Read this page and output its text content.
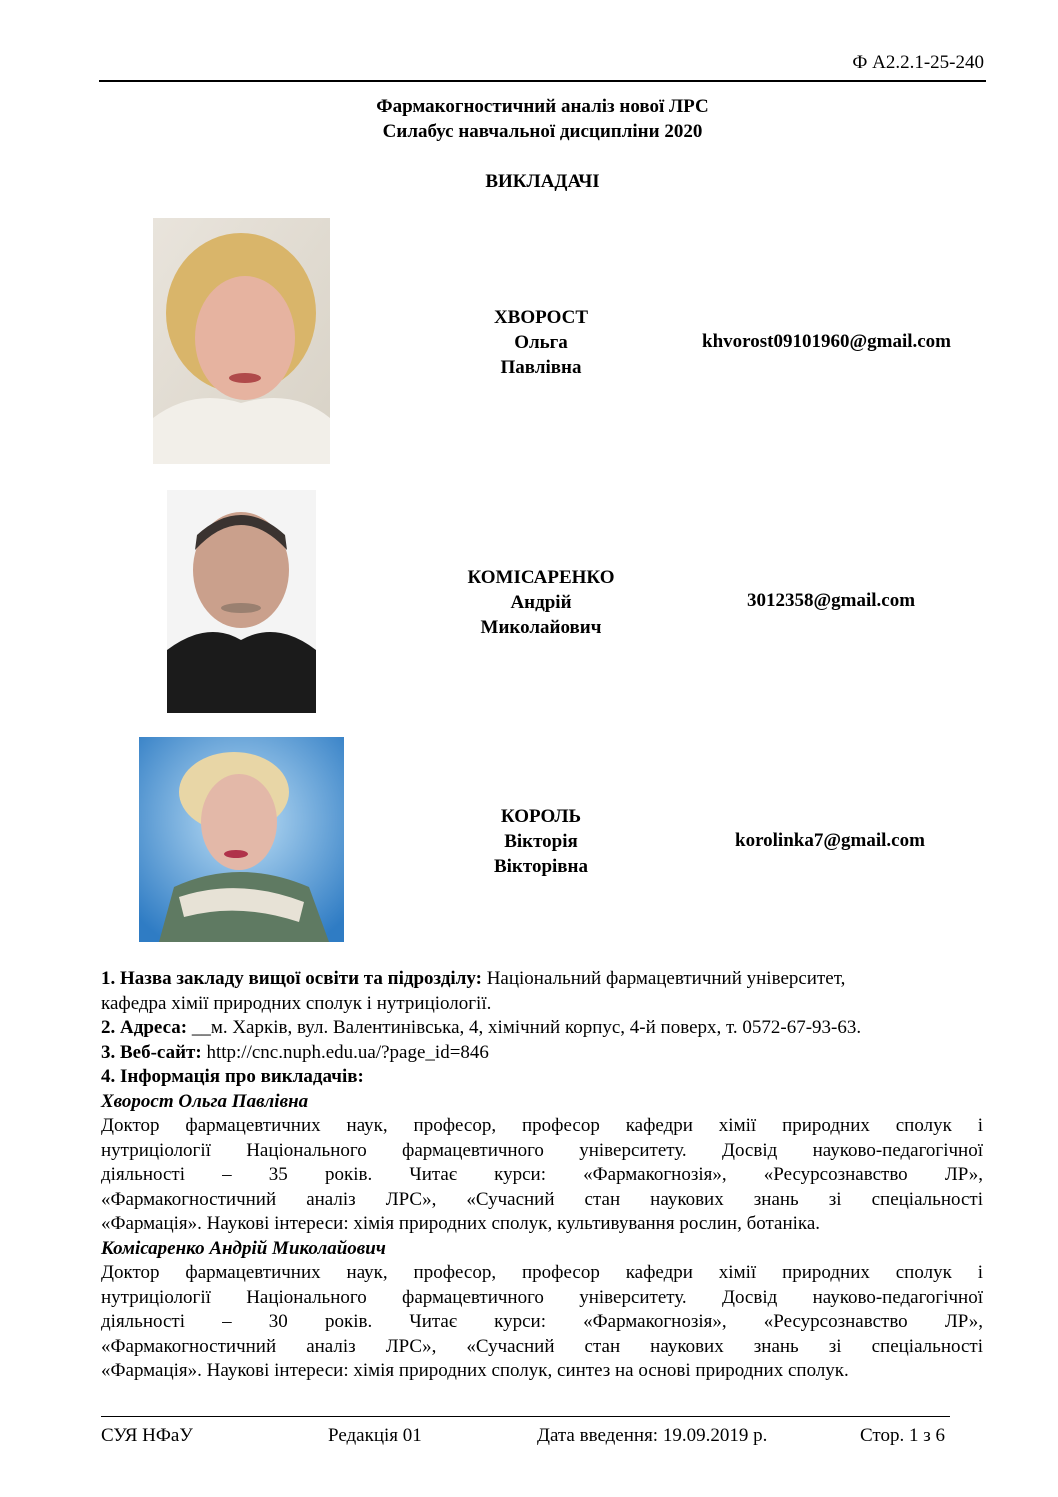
Ф А2.2.1-25-240
Фармакогностичний аналіз нової ЛРС
Силабус навчальної дисципліни 2020
ВИКЛАДАЧІ
ХВОРОСТ
Ольга
Павлівна
khvorost09101960@gmail.com
КОМІСАРЕНКО
Андрій
Миколайович
3012358@gmail.com
КОРОЛЬ
Вікторія
Вікторівна
korolinka7@gmail.com

1. Назва закладу вищої освіти та підрозділу: Національний фармацевтичний університет,

кафедра хімії природних сполук і нутриціології.

2. Адреса: __м. Харків, вул. Валентинівська, 4, хімічний корпус, 4-й поверх, т. 0572-67-93-63.

3. Веб-сайт: http://cnc.nuph.edu.ua/?page_id=846

4. Інформація про викладачів:

Хворост Ольга Павлівна

Доктор фармацевтичних наук, професор, професор кафедри хімії природних сполук і

нутриціології Національного фармацевтичного університету. Досвід науково-педагогічної

діяльності – 35 років. Читає курси: «Фармакогнозія», «Ресурсознавство ЛР»,

«Фармакогностичний аналіз ЛРС», «Сучасний стан наукових знань зі спеціальності

«Фармація». Наукові інтереси: хімія природних сполук, культивування рослин, ботаніка.

Комісаренко Андрій Миколайович

Доктор фармацевтичних наук, професор, професор кафедри хімії природних сполук і

нутриціології Національного фармацевтичного університету. Досвід науково-педагогічної

діяльності – 30 років. Читає курси: «Фармакогнозія», «Ресурсознавство ЛР»,

«Фармакогностичний аналіз ЛРС», «Сучасний стан наукових знань зі спеціальності

«Фармація». Наукові інтереси: хімія природних сполук, синтез на основі природних сполук.

СУЯ НФаУ	Редакція 01	Дата введення: 19.09.2019 р.	Стор. 1 з 6
